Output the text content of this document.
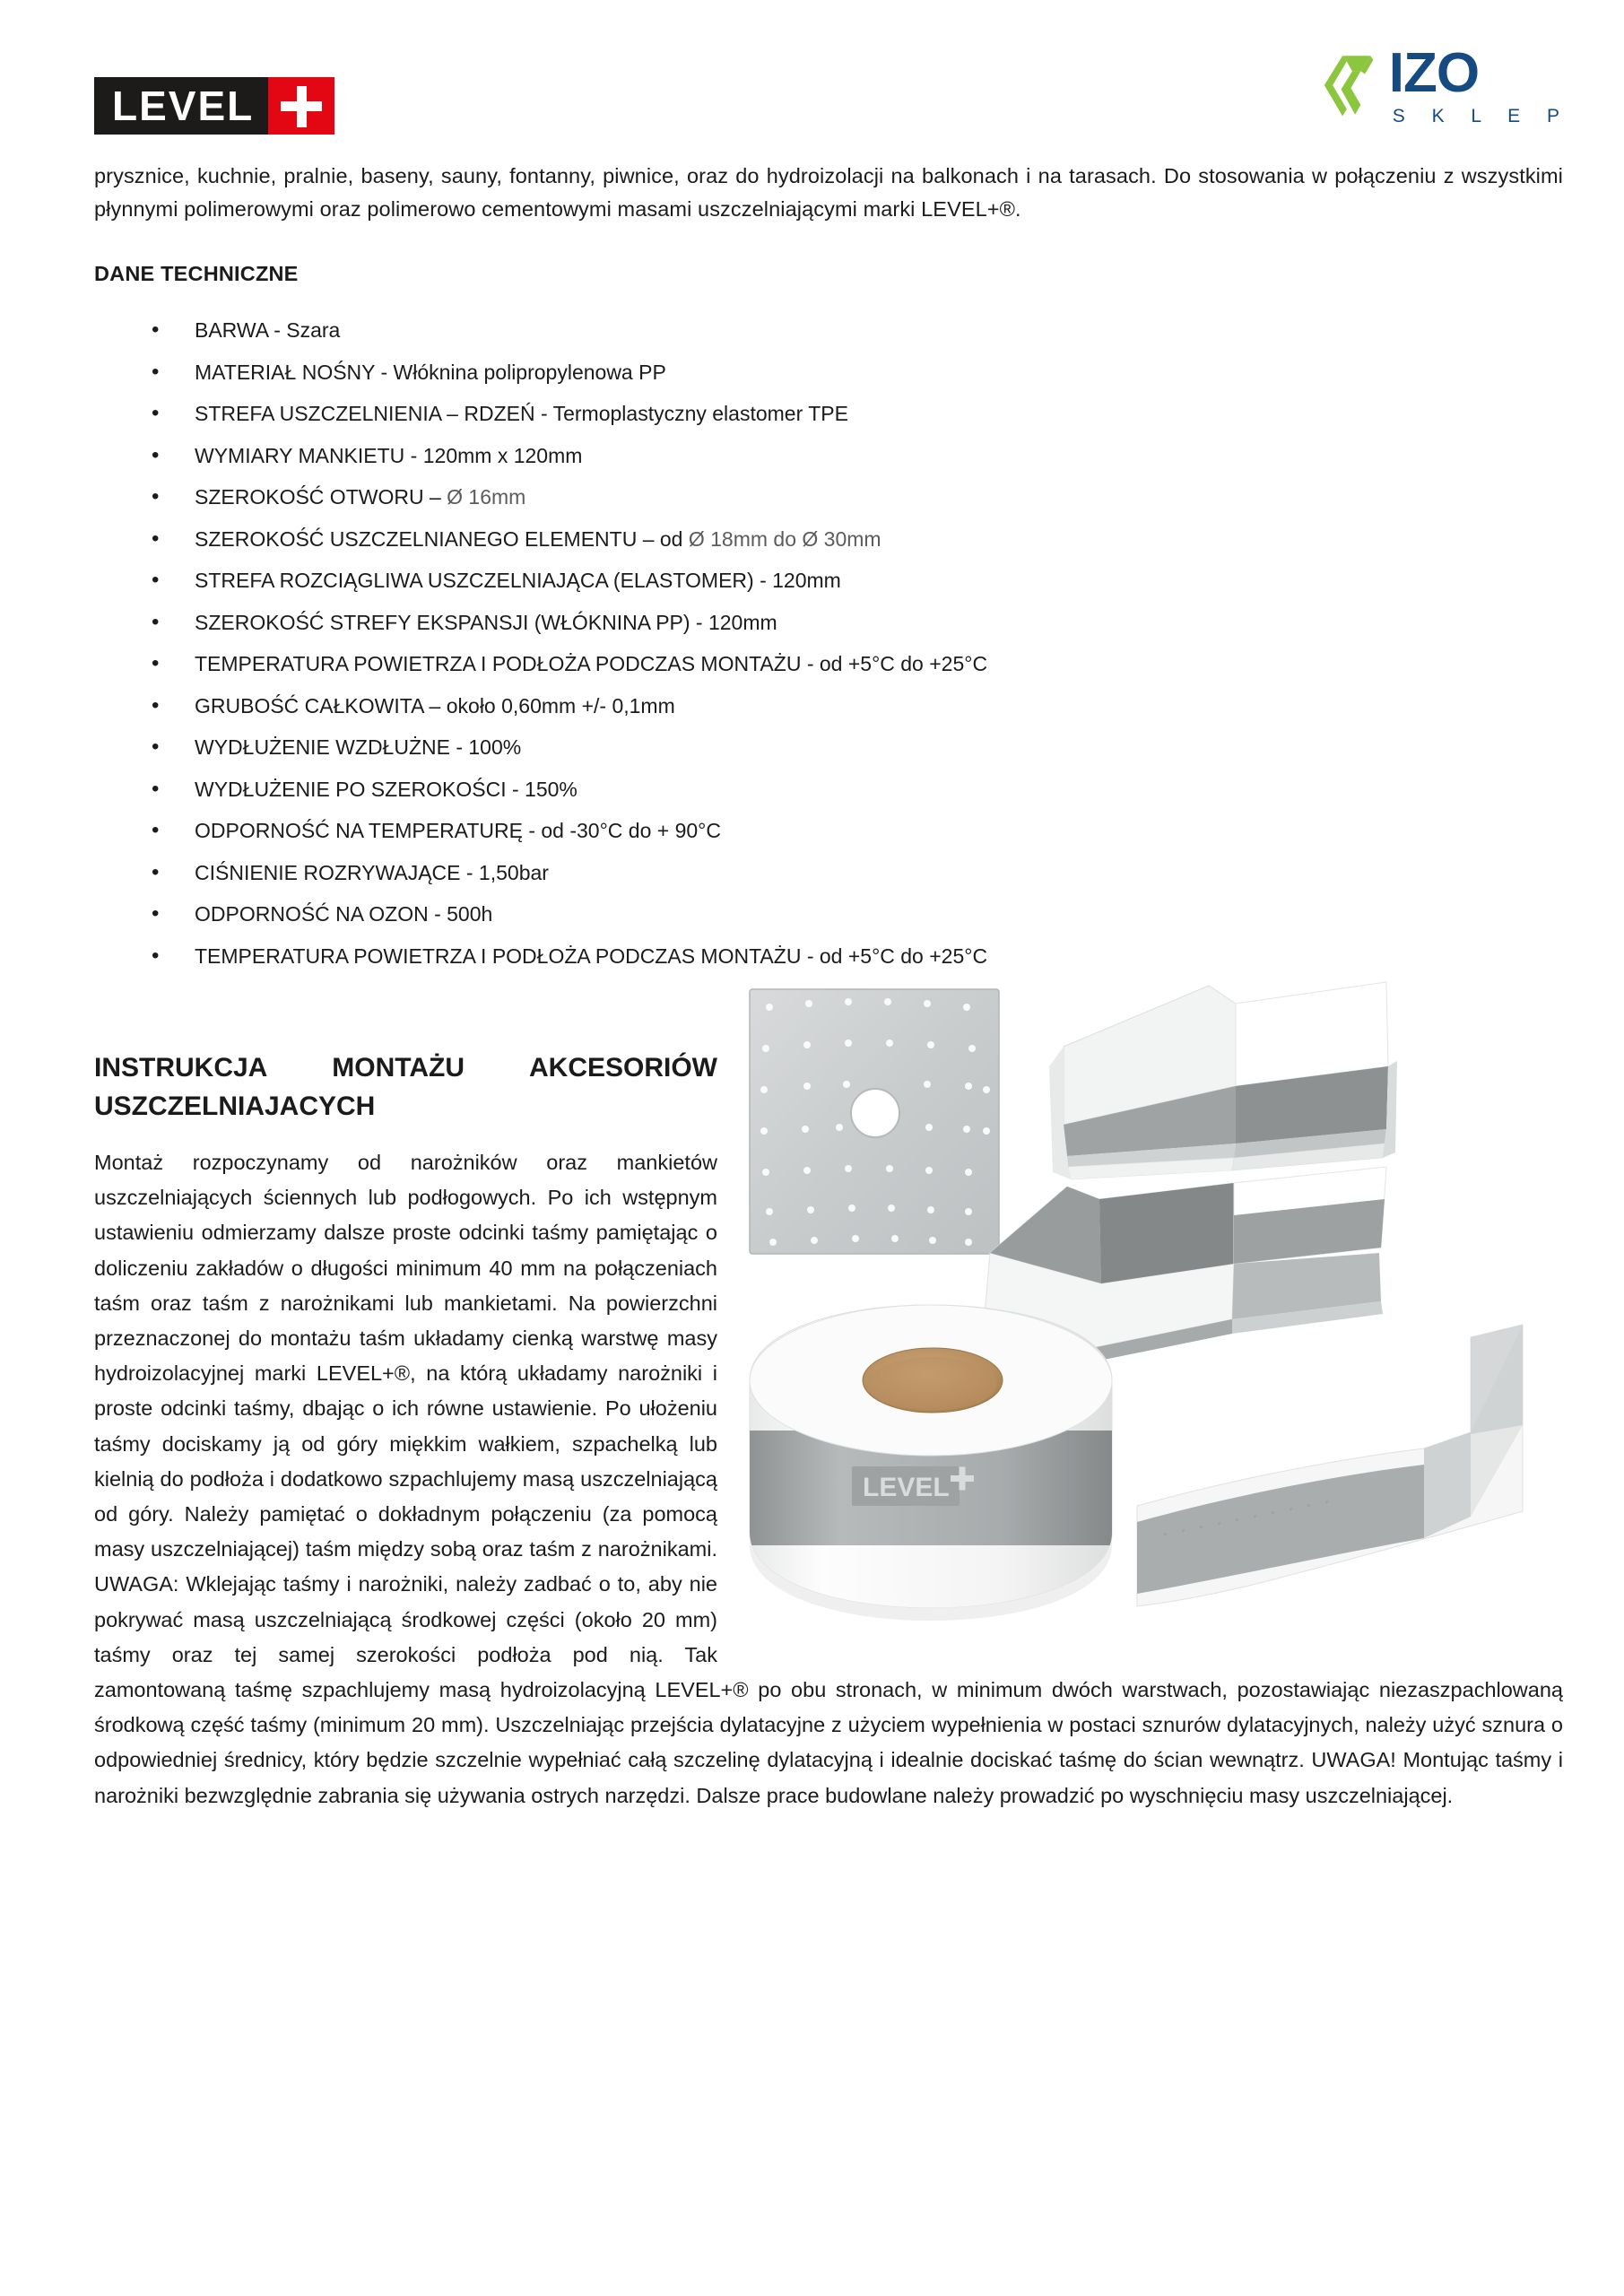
LEVEL
IZO
S K L E P

prysznice, kuchnie, pralnie, baseny, sauny, fontanny, piwnice, oraz do hydroizolacji na balkonach i na tarasach. Do stosowania w połączeniu z wszystkimi płynnymi polimerowymi oraz polimerowo cementowymi masami uszczelniającymi marki LEVEL+®.

DANE TECHNICZNE
• BARWA - Szara
• MATERIAŁ NOŚNY - Włóknina polipropylenowa PP
• STREFA USZCZELNIENIA – RDZEŃ - Termoplastyczny elastomer TPE
• WYMIARY MANKIETU - 120mm x 120mm
• SZEROKOŚĆ OTWORU – Ø 16mm
• SZEROKOŚĆ USZCZELNIANEGO ELEMENTU – od Ø 18mm do Ø 30mm
• STREFA ROZCIĄGLIWA USZCZELNIAJĄCA (ELASTOMER) - 120mm
• SZEROKOŚĆ STREFY EKSPANSJI (WŁÓKNINA PP) - 120mm
• TEMPERATURA POWIETRZA I PODŁOŻA PODCZAS MONTAŻU - od +5°C do +25°C
• GRUBOŚĆ CAŁKOWITA – około 0,60mm +/- 0,1mm
• WYDŁUŻENIE WZDŁUŻNE - 100%
• WYDŁUŻENIE PO SZEROKOŚCI - 150%
• ODPORNOŚĆ NA TEMPERATURĘ - od -30°C do + 90°C
• CIŚNIENIE ROZRYWAJĄCE - 1,50bar
• ODPORNOŚĆ NA OZON - 500h
• TEMPERATURA POWIETRZA I PODŁOŻA PODCZAS MONTAŻU - od +5°C do +25°C
LEVEL
INSTRUKCJA MONTAŻU AKCESORIÓW
USZCZELNIAJACYCH

Montaż rozpoczynamy od narożników oraz mankietów uszczelniających ściennych lub podłogowych. Po ich wstępnym ustawieniu odmierzamy dalsze proste odcinki taśmy pamiętając o doliczeniu zakładów o długości minimum 40 mm na połączeniach taśm oraz taśm z narożnikami lub mankietami. Na powierzchni przeznaczonej do montażu taśm układamy cienką warstwę masy hydroizolacyjnej marki LEVEL+®, na którą układamy narożniki i proste odcinki taśmy, dbając o ich równe ustawienie. Po ułożeniu taśmy dociskamy ją od góry miękkim wałkiem, szpachelką lub kielnią do podłoża i dodatkowo szpachlujemy masą uszczelniającą od góry. Należy pamiętać o dokładnym połączeniu (za pomocą masy uszczelniającej) taśm między sobą oraz taśm z narożnikami. UWAGA: Wklejając taśmy i narożniki, należy zadbać o to, aby nie pokrywać masą uszczelniającą środkowej części (około 20 mm) taśmy oraz tej samej szerokości podłoża pod nią. Tak zamontowaną taśmę szpachlujemy masą hydroizolacyjną LEVEL+® po obu stronach, w minimum dwóch warstwach, pozostawiając niezaszpachlowaną środkową część taśmy (minimum 20 mm). Uszczelniając przejścia dylatacyjne z użyciem wypełnienia w postaci sznurów dylatacyjnych, należy użyć sznura o odpowiedniej średnicy, który będzie szczelnie wypełniać całą szczelinę dylatacyjną i idealnie dociskać taśmę do ścian wewnątrz. UWAGA! Montując taśmy i narożniki bezwzględnie zabrania się używania ostrych narzędzi. Dalsze prace budowlane należy prowadzić po wyschnięciu masy uszczelniającej.
